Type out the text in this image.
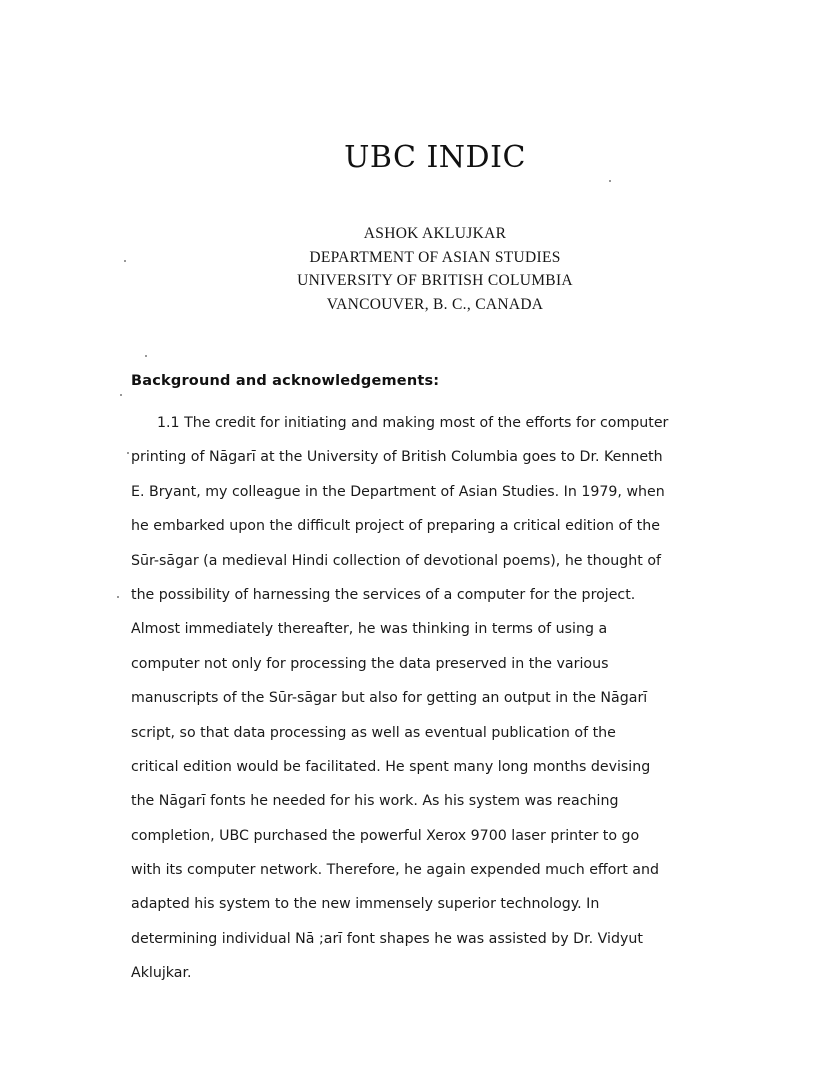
UBC INDIC
ASHOK AKLUJKAR
DEPARTMENT OF ASIAN STUDIES
UNIVERSITY OF BRITISH COLUMBIA
VANCOUVER, B. C., CANADA
Background and acknowledgements:
1.1 The credit for initiating and making most of the efforts for computer
printing of Nāgarī at the University of British Columbia goes to Dr. Kenneth
E. Bryant, my colleague in the Department of Asian Studies. In 1979, when
he embarked upon the difficult project of preparing a critical edition of the
Sūr-sāgar (a medieval Hindi collection of devotional poems), he thought of
the possibility of harnessing the services of a computer for the project.
Almost immediately thereafter, he was thinking in terms of using a
computer not only for processing the data preserved in the various
manuscripts of the Sūr-sāgar but also for getting an output in the Nāgarī
script, so that data processing as well as eventual publication of the
critical edition would be facilitated. He spent many long months devising
the Nāgarī fonts he needed for his work. As his system was reaching
completion, UBC purchased the powerful Xerox 9700 laser printer to go
with its computer network. Therefore, he again expended much effort and
adapted his system to the new immensely superior technology. In
determining individual Nā ;arī font shapes he was assisted by Dr. Vidyut
Aklujkar.
